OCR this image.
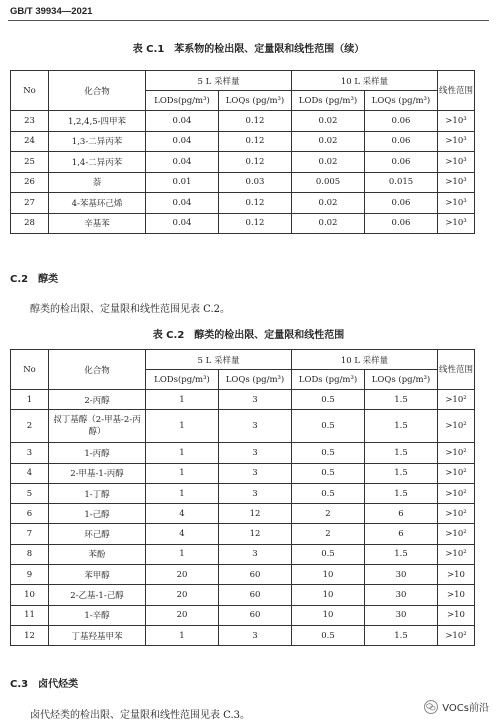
GB/T 39934—2021
表 C.1　苯系物的检出限、定量限和线性范围（续）
No	化合物	5 L 采样量		10 L 采样量		线性范围
		LODs(pg/m³)	LOQs (pg/m³)	LODs (pg/m³)	LOQs (pg/m³)	
23	1,2,4,5-四甲苯	0.04	0.12	0.02	0.06	>10³
24	1,3-二异丙苯	0.04	0.12	0.02	0.06	>10³
25	1,4-二异丙苯	0.04	0.12	0.02	0.06	>10³
26	萘	0.01	0.03	0.005	0.015	>10³
27	4-苯基环己烯	0.04	0.12	0.02	0.06	>10³
28	辛基苯	0.04	0.12	0.02	0.06	>10³
C.2　醇类
醇类的检出限、定量限和线性范围见表 C.2。
表 C.2　醇类的检出限、定量限和线性范围
No	化合物	5 L 采样量		10 L 采样量		线性范围
		LODs(pg/m³)	LOQs (pg/m³)	LODs (pg/m³)	LOQs (pg/m³)	
1	2-丙醇	1	3	0.5	1.5	>10²
2	叔丁基醇（2-甲基-2-丙醇）	1	3	0.5	1.5	>10²
3	1-丙醇	1	3	0.5	1.5	>10²
4	2-甲基-1-丙醇	1	3	0.5	1.5	>10²
5	1-丁醇	1	3	0.5	1.5	>10²
6	1-己醇	4	12	2	6	>10²
7	环己醇	4	12	2	6	>10²
8	苯酚	1	3	0.5	1.5	>10²
9	苯甲醇	20	60	10	30	>10
10	2-乙基-1-己醇	20	60	10	30	>10
11	1-辛醇	20	60	10	30	>10
12	丁基羟基甲苯	1	3	0.5	1.5	>10²
C.3　卤代烃类
卤代烃类的检出限、定量限和线性范围见表 C.3。
VOCs前沿
